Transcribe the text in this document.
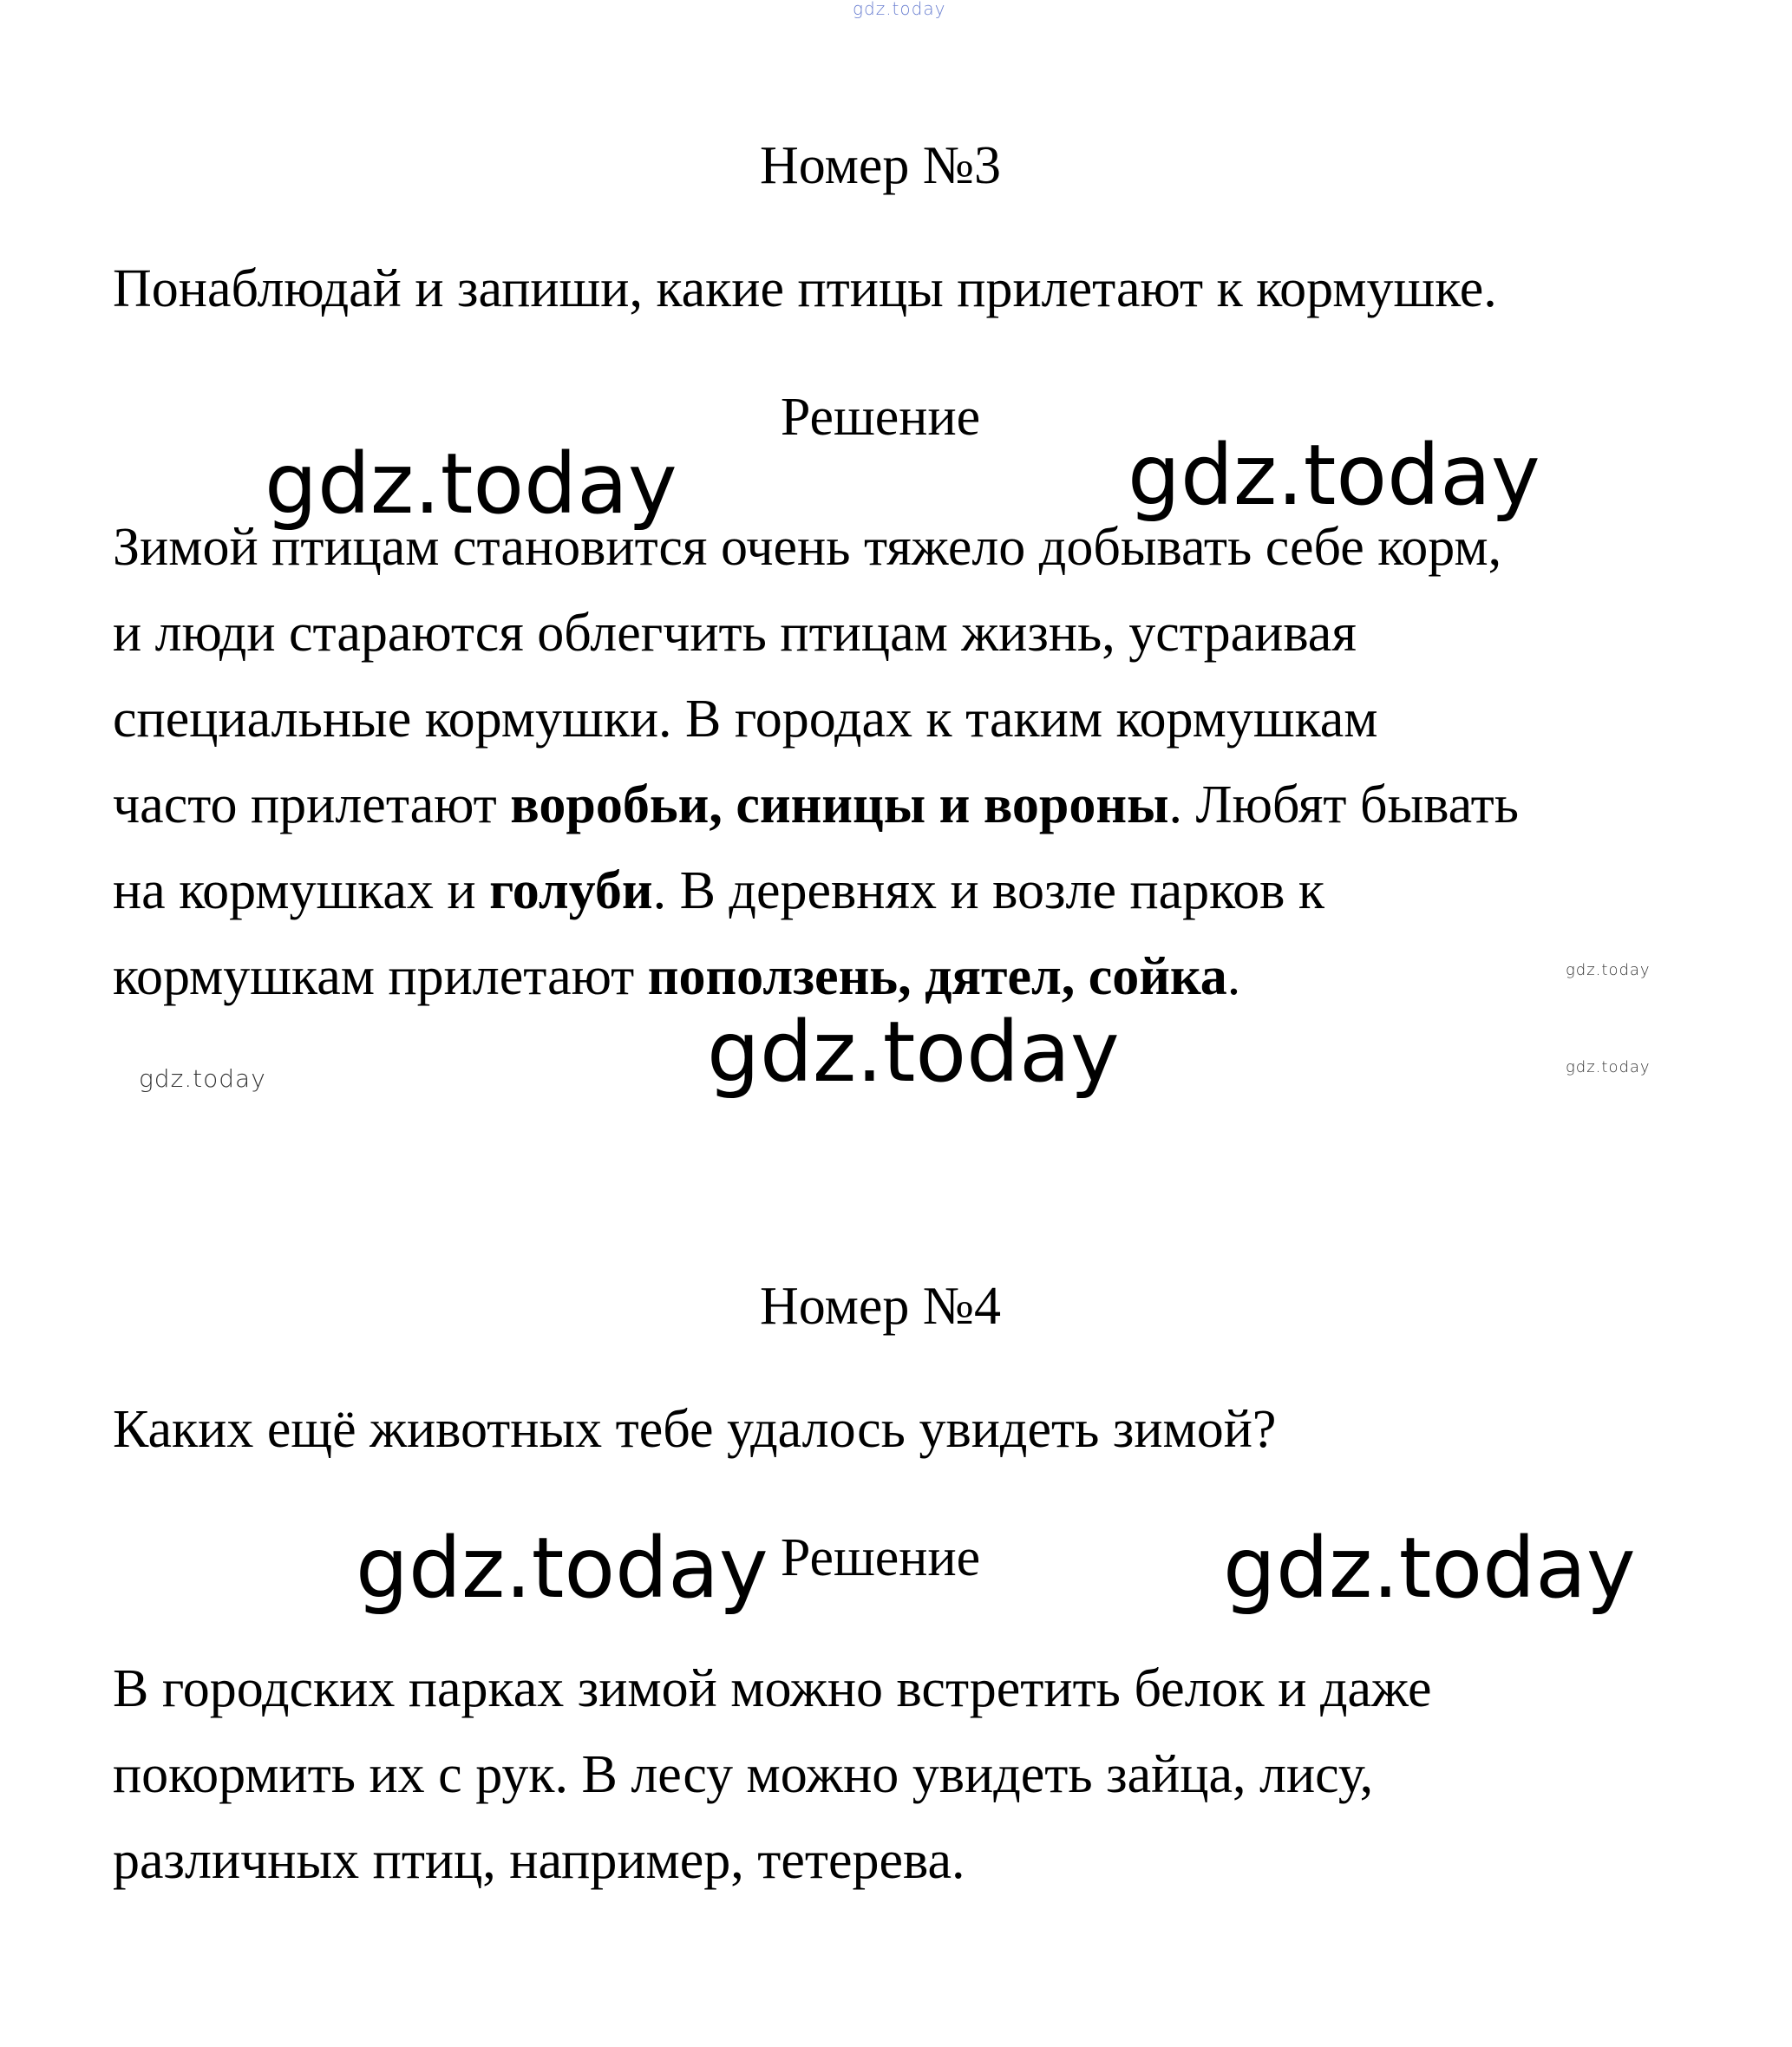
gdz.today
gdz.today	gdz.today
gdz.today
gdz.today
gdz.today
gdz.today
gdz.today	gdz.today
Номер №3
Понаблюдай и запиши, какие птицы прилетают к кормушке.
Решение
Зимой птицам становится очень тяжело добывать себе корм,
и люди стараются облегчить птицам жизнь, устраивая
специальные кормушки. В городах к таким кормушкам
часто прилетают воробьи, синицы и вороны. Любят бывать
на кормушках и голуби. В деревнях и возле парков к
кормушкам прилетают поползень, дятел, сойка.
Номер №4
Каких ещё животных тебе удалось увидеть зимой?
Решение
В городских парках зимой можно встретить белок и даже
покормить их с рук. В лесу можно увидеть зайца, лису,
различных птиц, например, тетерева.
